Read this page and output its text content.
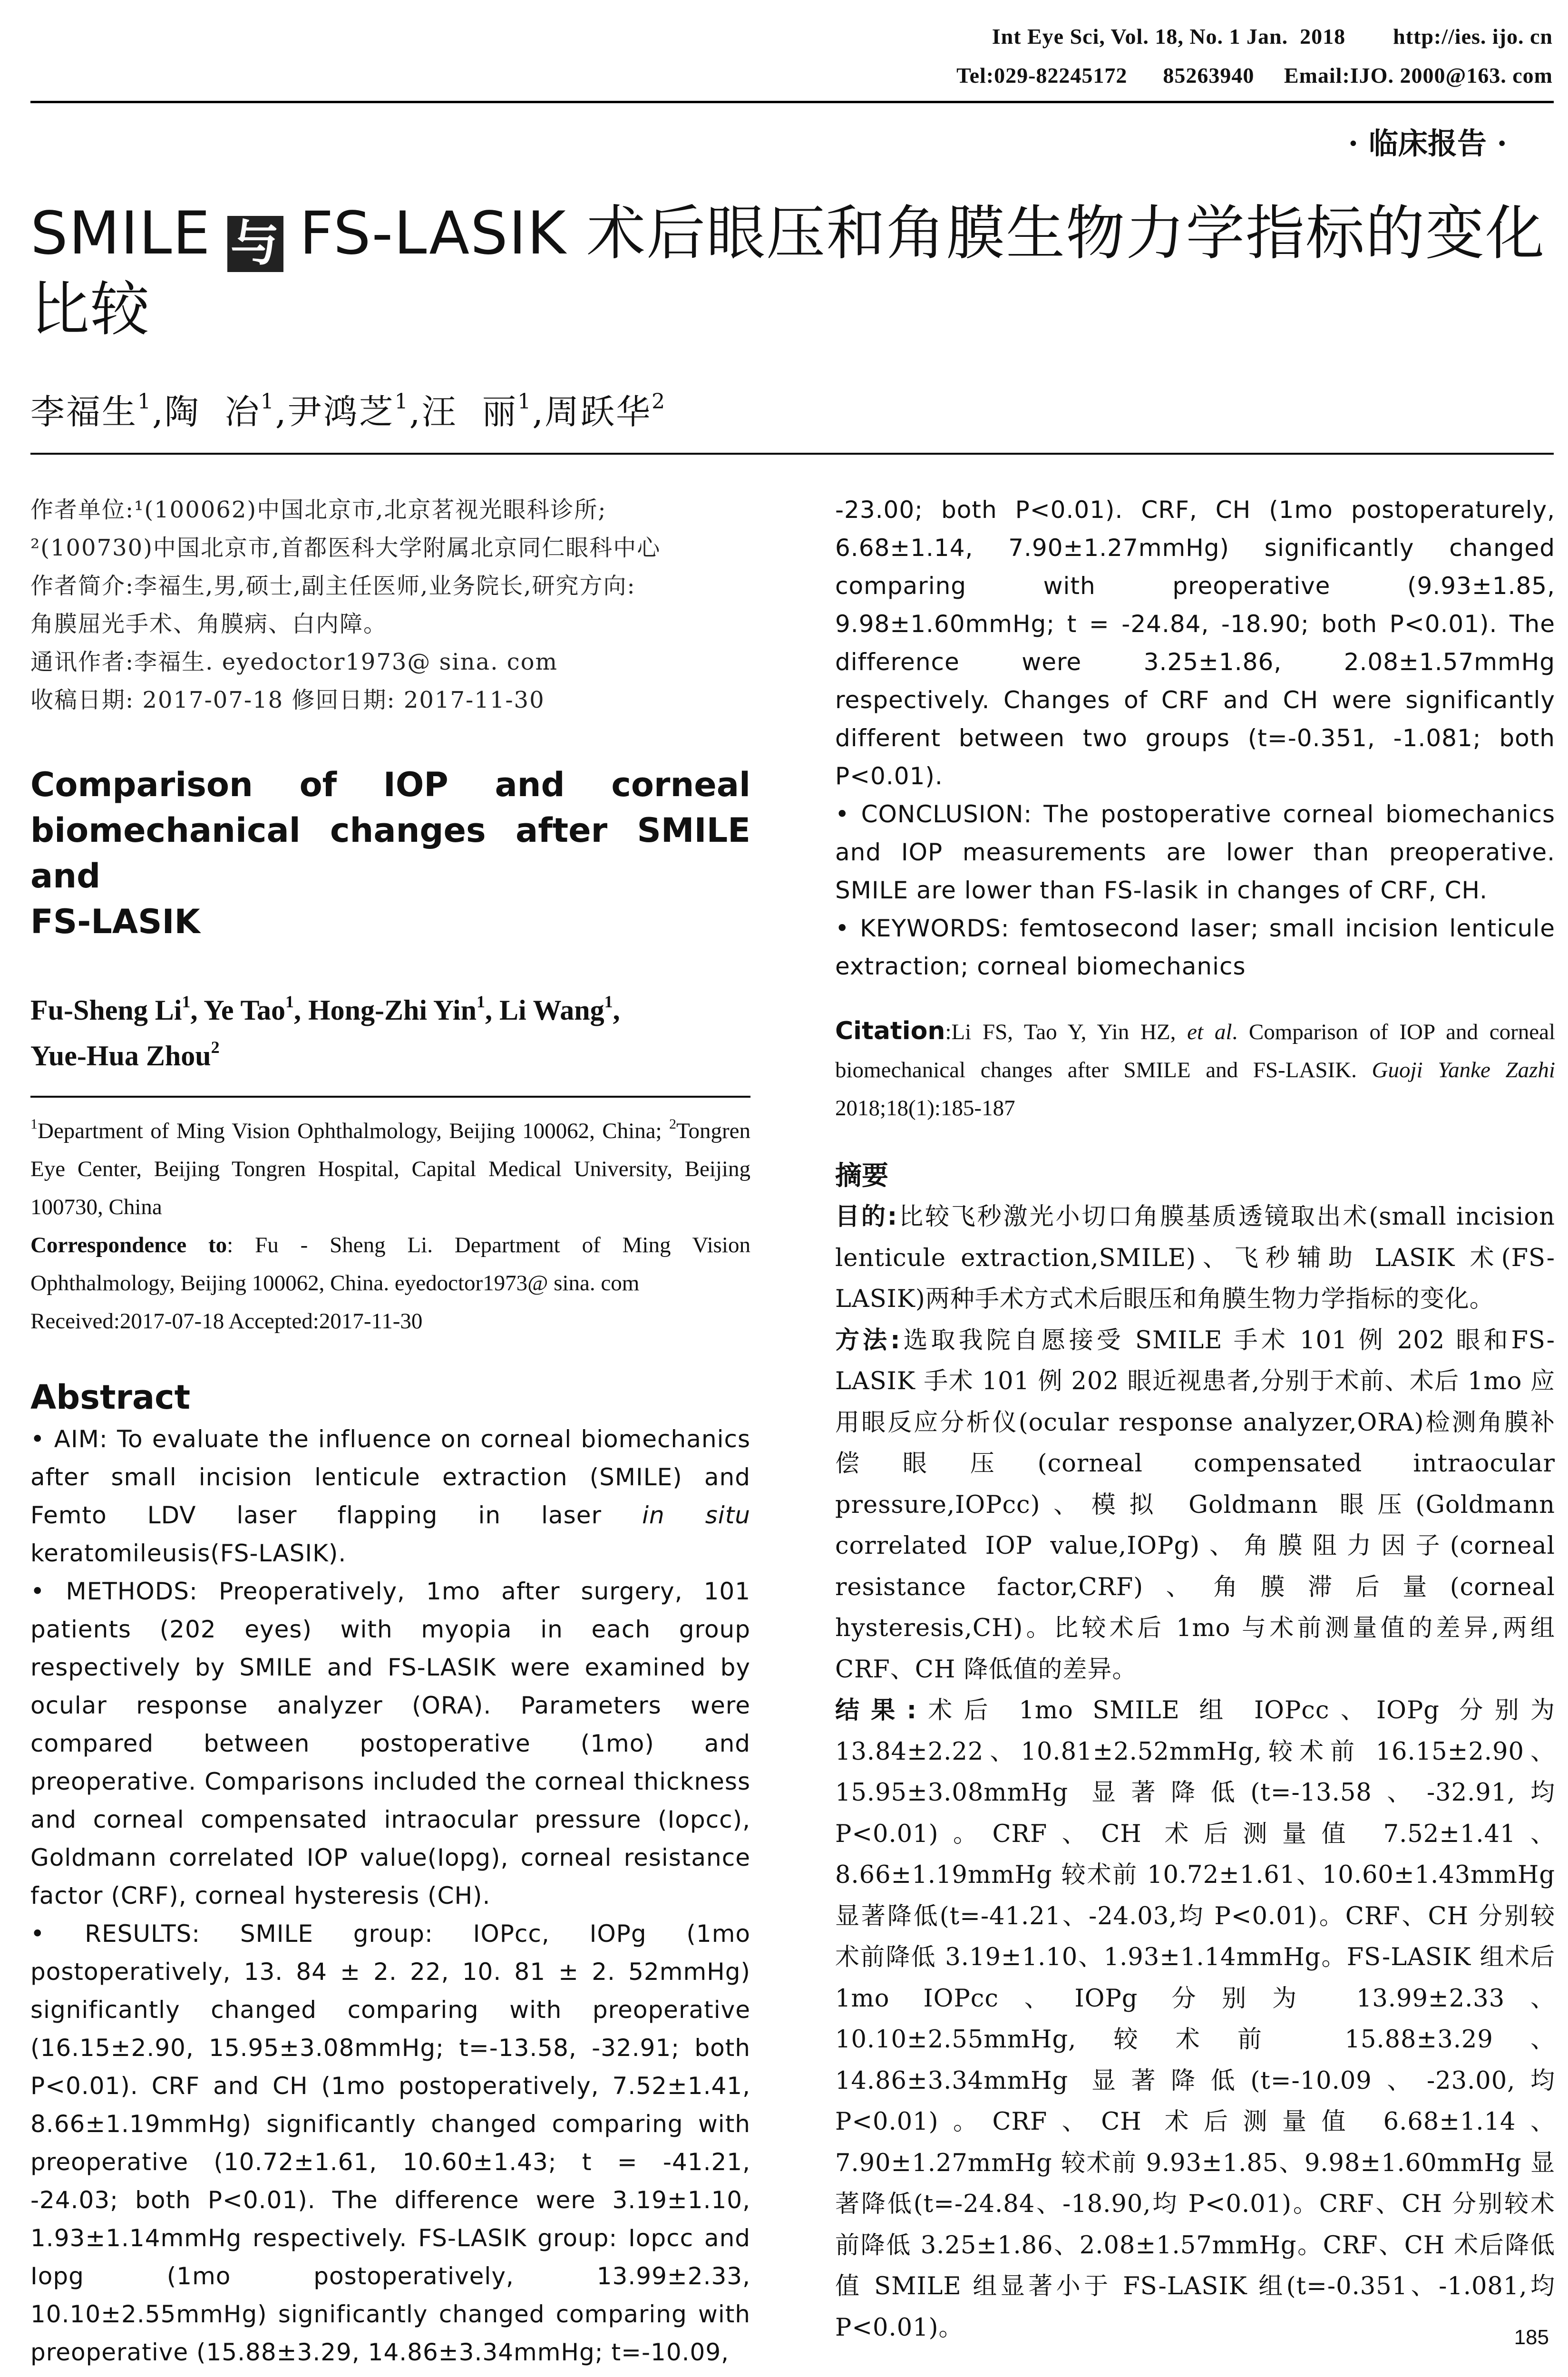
Int Eye Sci, Vol. 18, No. 1 Jan.  2018        http://ies. ijo. cn
Tel:029-82245172      85263940     Email:IJO. 2000@163. com
· 临床报告 ·
SMILE 与 FS-LASIK 术后眼压和角膜生物力学指标的变化比较
李福生$^1$,陶  冶$^1$,尹鸿芝$^1$,汪  丽$^1$,周跃华$^2$
作者单位:¹(100062)中国北京市,北京茗视光眼科诊所;
²(100730)中国北京市,首都医科大学附属北京同仁眼科中心
作者简介:李福生,男,硕士,副主任医师,业务院长,研究方向:
角膜屈光手术、角膜病、白内障。
通讯作者:李福生. eyedoctor1973@ sina. com
收稿日期: 2017-07-18 修回日期: 2017-11-30
Comparison of IOP and corneal
biomechanical changes after SMILE and
FS-LASIK
Fu-Sheng Li$^1$, Ye Tao$^1$, Hong-Zhi Yin$^1$, Li Wang$^1$,
Yue-Hua Zhou$^2$
$^1$Department of Ming Vision Ophthalmology, Beijing 100062, China; $^2$Tongren Eye Center, Beijing Tongren Hospital, Capital Medical University, Beijing 100730, China
Correspondence to: Fu - Sheng Li. Department of Ming Vision Ophthalmology, Beijing 100062, China. eyedoctor1973@ sina. com
Received:2017-07-18 Accepted:2017-11-30
Abstract
• AIM: To evaluate the influence on corneal biomechanics after small incision lenticule extraction (SMILE) and Femto LDV laser flapping in laser in situ keratomileusis(FS-LASIK).
• METHODS: Preoperatively, 1mo after surgery, 101 patients (202 eyes) with myopia in each group respectively by SMILE and FS-LASIK were examined by ocular response analyzer (ORA). Parameters were compared between postoperative (1mo) and preoperative. Comparisons included the corneal thickness and corneal compensated intraocular pressure (Iopcc), Goldmann correlated IOP value(Iopg), corneal resistance factor (CRF), corneal hysteresis (CH).
• RESULTS: SMILE group: IOPcc, IOPg (1mo postoperatively, 13. 84 ± 2. 22, 10. 81 ± 2. 52mmHg) significantly changed comparing with preoperative (16.15±2.90, 15.95±3.08mmHg; t=-13.58, -32.91; both P<0.01). CRF and CH (1mo postoperatively, 7.52±1.41, 8.66±1.19mmHg) significantly changed comparing with preoperative (10.72±1.61, 10.60±1.43; t = -41.21, -24.03; both P<0.01). The difference were 3.19±1.10, 1.93±1.14mmHg respectively. FS-LASIK group: Iopcc and Iopg (1mo postoperatively, 13.99±2.33, 10.10±2.55mmHg) significantly changed comparing with preoperative (15.88±3.29, 14.86±3.34mmHg; t=-10.09,
-23.00; both P<0.01). CRF, CH (1mo postoperaturely, 6.68±1.14, 7.90±1.27mmHg) significantly changed comparing with preoperative (9.93±1.85, 9.98±1.60mmHg; t = -24.84, -18.90; both P<0.01). The difference were 3.25±1.86, 2.08±1.57mmHg respectively. Changes of CRF and CH were significantly different between two groups (t=-0.351, -1.081; both P<0.01).
• CONCLUSION: The postoperative corneal biomechanics and IOP measurements are lower than preoperative. SMILE are lower than FS-lasik in changes of CRF, CH.
• KEYWORDS: femtosecond laser; small incision lenticule extraction; corneal biomechanics
Citation:Li FS, Tao Y, Yin HZ, et al. Comparison of IOP and corneal biomechanical changes after SMILE and FS-LASIK. Guoji Yanke Zazhi 2018;18(1):185-187
摘要
目的:比较飞秒激光小切口角膜基质透镜取出术(small incision lenticule extraction,SMILE)、飞秒辅助 LASIK 术(FS-LASIK)两种手术方式术后眼压和角膜生物力学指标的变化。
方法:选取我院自愿接受 SMILE 手术 101 例 202 眼和FS-LASIK 手术 101 例 202 眼近视患者,分别于术前、术后 1mo 应用眼反应分析仪(ocular response analyzer,ORA)检测角膜补偿眼压(corneal compensated intraocular pressure,IOPcc)、模拟 Goldmann 眼压(Goldmann correlated IOP value,IOPg)、角膜阻力因子(corneal resistance factor,CRF)、角膜滞后量(corneal hysteresis,CH)。比较术后 1mo 与术前测量值的差异,两组 CRF、CH 降低值的差异。
结果:术后 1mo SMILE 组 IOPcc、IOPg 分别为 13.84±2.22、10.81±2.52mmHg,较术前 16.15±2.90、15.95±3.08mmHg 显著降低(t=-13.58、-32.91,均 P<0.01)。CRF、CH 术后测量值 7.52±1.41、8.66±1.19mmHg 较术前 10.72±1.61、10.60±1.43mmHg 显著降低(t=-41.21、-24.03,均 P<0.01)。CRF、CH 分别较术前降低 3.19±1.10、1.93±1.14mmHg。FS-LASIK 组术后 1mo IOPcc、IOPg 分别为 13.99±2.33、10.10±2.55mmHg,较术前 15.88±3.29、14.86±3.34mmHg 显著降低(t=-10.09、-23.00,均 P<0.01)。CRF、CH 术后测量值 6.68±1.14、7.90±1.27mmHg 较术前 9.93±1.85、9.98±1.60mmHg 显著降低(t=-24.84、-18.90,均 P<0.01)。CRF、CH 分别较术前降低 3.25±1.86、2.08±1.57mmHg。CRF、CH 术后降低值 SMILE 组显著小于 FS-LASIK 组(t=-0.351、-1.081,均 P<0.01)。	185
